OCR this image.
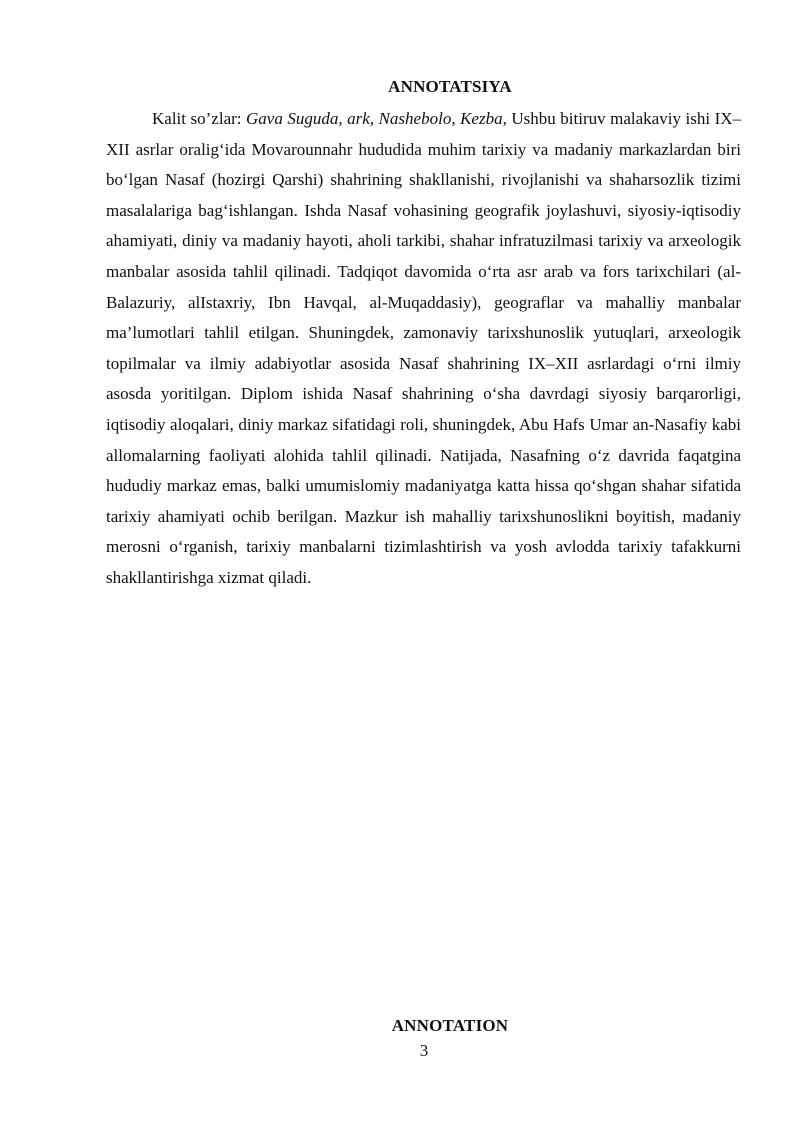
ANNOTATSIYA

Kalit so’zlar: Gava Suguda, ark, Nashebolo, Kezba, Ushbu bitiruv malakaviy ishi IX–XII asrlar oralig‘ida Movarounnahr hududida muhim tarixiy va madaniy markazlardan biri bo‘lgan Nasaf (hozirgi Qarshi) shahrining shakllanishi, rivojlanishi va shaharsozlik tizimi masalalariga bag‘ishlangan. Ishda Nasaf vohasining geografik joylashuvi, siyosiy-iqtisodiy ahamiyati, diniy va madaniy hayoti, aholi tarkibi, shahar infratuzilmasi tarixiy va arxeologik manbalar asosida tahlil qilinadi. Tadqiqot davomida o‘rta asr arab va fors tarixchilari (al-Balazuriy, alIstaxriy, Ibn Havqal, al-Muqaddasiy), geograflar va mahalliy manbalar ma’lumotlari tahlil etilgan. Shuningdek, zamonaviy tarixshunoslik yutuqlari, arxeologik topilmalar va ilmiy adabiyotlar asosida Nasaf shahrining IX–XII asrlardagi o‘rni ilmiy asosda yoritilgan. Diplom ishida Nasaf shahrining o‘sha davrdagi siyosiy barqarorligi, iqtisodiy aloqalari, diniy markaz sifatidagi roli, shuningdek, Abu Hafs Umar an-Nasafiy kabi allomalarning faoliyati alohida tahlil qilinadi. Natijada, Nasafning o‘z davrida faqatgina hududiy markaz emas, balki umumislomiy madaniyatga katta hissa qo‘shgan shahar sifatida tarixiy ahamiyati ochib berilgan. Mazkur ish mahalliy tarixshunoslikni boyitish, madaniy merosni o‘rganish, tarixiy manbalarni tizimlashtirish va yosh avlodda tarixiy tafakkurni shakllantirishga xizmat qiladi.

ANNOTATION
3
